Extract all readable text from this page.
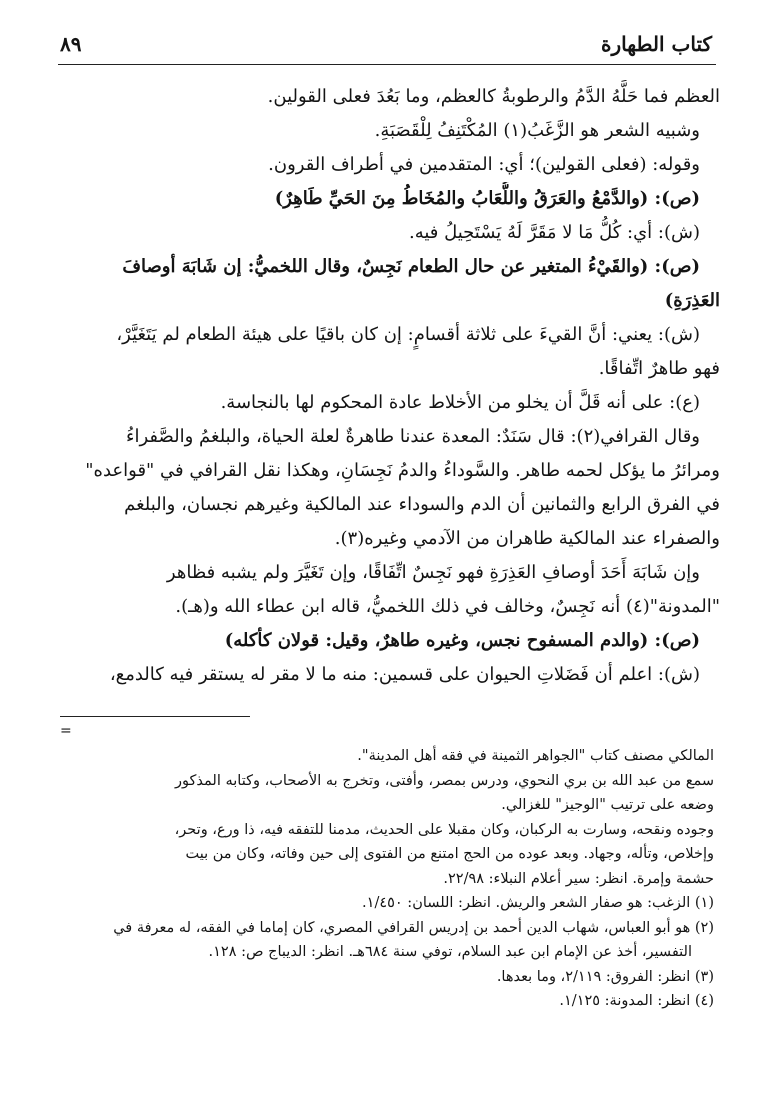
كتاب الطهارة
٨٩
العظم فما حَلَّهُ الدَّمُ والرطوبةُ كالعظم، وما بَعُدَ فعلى القولين.
وشبيه الشعر هو الزَّغَبُ(١) المُكْتَنِفُ لِلْقَصَبَةِ.
وقوله: (فعلى القولين)؛ أي: المتقدمين في أطراف القرون.
(ص): (والدَّمْعُ والعَرَقُ واللُّعَابُ والمُخَاطُ مِنَ الحَيِّ طَاهِرٌ)
(ش): أي: كُلُّ مَا لا مَقَرَّ لَهُ يَسْتَحِيلُ فيه.
(ص): (والقَيْءُ المتغير عن حال الطعام نَجِسٌ، وقال اللخميُّ: إن شَابَهَ أوصافَ
العَذِرَةِ)
(ش): يعني: أنَّ القيءَ على ثلاثة أقسامٍ: إن كان باقيًا على هيئة الطعام لم يَتَغَيَّرْ،
فهو طاهرٌ اتِّفاقًا.
(ع): على أنه قَلَّ أن يخلو من الأخلاط عادة المحكوم لها بالنجاسة.
وقال القرافي(٢): قال سَنَدٌ: المعدة عندنا طاهرةٌ لعلة الحياة، والبلغمُ والصَّفراءُ
ومرائرُ ما يؤكل لحمه طاهر. والسَّوداءُ والدمُ نَجِسَانِ، وهكذا نقل القرافي في "قواعده"
في الفرق الرابع والثمانين أن الدم والسوداء عند المالكية وغيرهم نجسان، والبلغم
والصفراء عند المالكية طاهران من الآدمي وغيره(٣).
وإن شَابَهَ أَحَدَ أوصافِ العَذِرَةِ فهو نَجِسٌ اتِّفَاقًا، وإن تَغَيَّرَ ولم يشبه فظاهر
"المدونة"(٤) أنه نَجِسٌ، وخالف في ذلك اللخميُّ، قاله ابن عطاء الله و(هـ).
(ص): (والدم المسفوح نجس، وغيره طاهرٌ، وقيل: قولان كأكله)
(ش): اعلم أن فَضَلاتِ الحيوان على قسمين: منه ما لا مقر له يستقر فيه كالدمع،
=
المالكي مصنف كتاب "الجواهر الثمينة في فقه أهل المدينة".
سمع من عبد الله بن بري النحوي، ودرس بمصر، وأفتى، وتخرج به الأصحاب، وكتابه المذكور
وضعه على ترتيب "الوجيز" للغزالي.
وجوده ونقحه، وسارت به الركبان، وكان مقبلا على الحديث، مدمنا للتفقه فيه، ذا ورع، وتحر،
وإخلاص، وتأله، وجهاد. وبعد عوده من الحج امتنع من الفتوى إلى حين وفاته، وكان من بيت
حشمة وإمرة. انظر: سير أعلام النبلاء: ٢٢/٩٨.
(١) الزغب: هو صفار الشعر والريش. انظر: اللسان: ١/٤٥٠.
(٢) هو أبو العباس، شهاب الدين أحمد بن إدريس القرافي المصري، كان إماما في الفقه، له معرفة في
التفسير، أخذ عن الإمام ابن عبد السلام، توفي سنة ٦٨٤هـ. انظر: الديباج ص: ١٢٨.
(٣) انظر: الفروق: ٢/١١٩، وما بعدها.
(٤) انظر: المدونة: ١/١٢٥.
